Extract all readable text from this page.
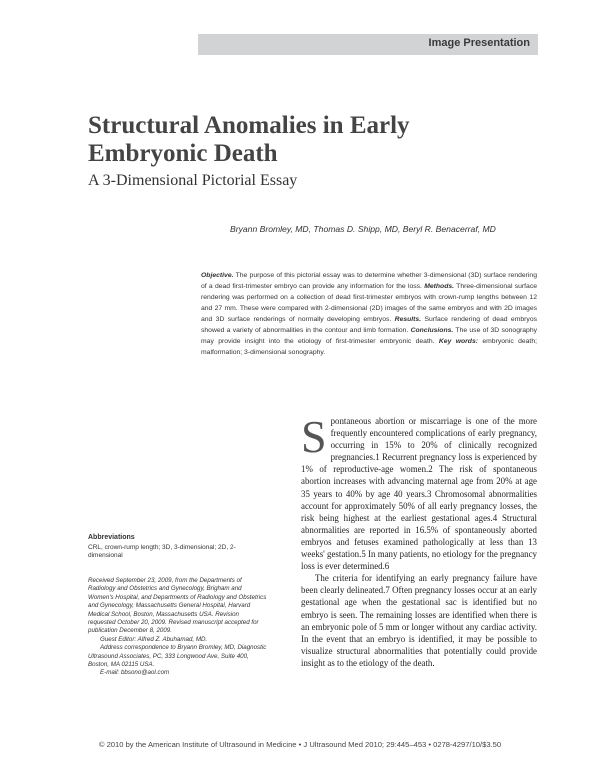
Image Presentation
Structural Anomalies in Early Embryonic Death
A 3-Dimensional Pictorial Essay
Bryann Bromley, MD, Thomas D. Shipp, MD, Beryl R. Benacerraf, MD
Objective. The purpose of this pictorial essay was to determine whether 3-dimensional (3D) surface rendering of a dead first-trimester embryo can provide any information for the loss. Methods. Three-dimensional surface rendering was performed on a collection of dead first-trimester embryos with crown-rump lengths between 12 and 27 mm. These were compared with 2-dimensional (2D) images of the same embryos and with 2D images and 3D surface renderings of normally developing embryos. Results. Surface rendering of dead embryos showed a variety of abnormalities in the contour and limb formation. Conclusions. The use of 3D sonography may provide insight into the etiology of first-trimester embryonic death. Key words: embryonic death; malformation; 3-dimensional sonography.
Abbreviations
CRL, crown-rump length; 3D, 3-dimensional; 2D, 2-dimensional

Received September 23, 2009, from the Departments of Radiology and Obstetrics and Gynecology, Brigham and Women's Hospital, and Departments of Radiology and Obstetrics and Gynecology, Massachusetts General Hospital, Harvard Medical School, Boston, Massachusetts USA. Revision requested October 20, 2009. Revised manuscript accepted for publication December 8, 2009.

Guest Editor: Alfred Z. Abuhamad, MD.

Address correspondence to Bryann Bromley, MD, Diagnostic Ultrasound Associates, PC, 333 Longwood Ave, Suite 400, Boston, MA 02115 USA.

E-mail: bbsono@aol.com

Spontaneous abortion or miscarriage is one of the more frequently encountered complications of early pregnancy, occurring in 15% to 20% of clinically recognized pregnancies.1 Recurrent pregnancy loss is experienced by 1% of reproductive-age women.2 The risk of spontaneous abortion increases with advancing maternal age from 20% at age 35 years to 40% by age 40 years.3 Chromosomal abnormalities account for approximately 50% of all early pregnancy losses, the risk being highest at the earliest gestational ages.4 Structural abnormalities are reported in 16.5% of spontaneously aborted embryos and fetuses examined pathologically at less than 13 weeks' gestation.5 In many patients, no etiology for the pregnancy loss is ever determined.6

The criteria for identifying an early pregnancy failure have been clearly delineated.7 Often pregnancy losses occur at an early gestational age when the gestational sac is identified but no embryo is seen. The remaining losses are identified when there is an embryonic pole of 5 mm or longer without any cardiac activity. In the event that an embryo is identified, it may be possible to visualize structural abnormalities that potentially could provide insight as to the etiology of the death.

© 2010 by the American Institute of Ultrasound in Medicine • J Ultrasound Med 2010; 29:445–453 • 0278-4297/10/$3.50
